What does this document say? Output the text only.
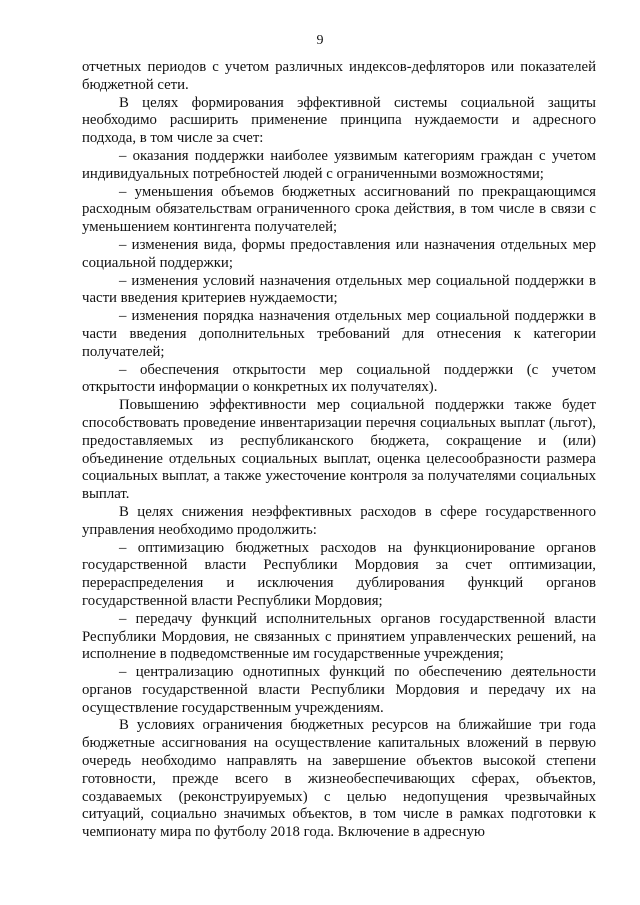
9

отчетных периодов с учетом различных индексов-дефляторов или показателей бюджетной сети.

В целях формирования эффективной системы социальной защиты необходимо расширить применение принципа нуждаемости и адресного подхода, в том числе за счет:

– оказания поддержки наиболее уязвимым категориям граждан с учетом индивидуальных потребностей людей с ограниченными возможностями;

– уменьшения объемов бюджетных ассигнований по прекращающимся расходным обязательствам ограниченного срока действия, в том числе в связи с уменьшением контингента получателей;

– изменения вида, формы предоставления или назначения отдельных мер социальной поддержки;

– изменения условий назначения отдельных мер социальной поддержки в части введения критериев нуждаемости;

– изменения порядка назначения отдельных мер социальной поддержки в части введения дополнительных требований для отнесения к категории получателей;

– обеспечения открытости мер социальной поддержки (с учетом открытости информации о конкретных их получателях).

Повышению эффективности мер социальной поддержки также будет способствовать проведение инвентаризации перечня социальных выплат (льгот), предоставляемых из республиканского бюджета, сокращение и (или) объединение отдельных социальных выплат, оценка целесообразности размера социальных выплат, а также ужесточение контроля за получателями социальных выплат.

В целях снижения неэффективных расходов в сфере государственного управления необходимо продолжить:

– оптимизацию бюджетных расходов на функционирование органов государственной власти Республики Мордовия за счет оптимизации, перераспределения и исключения дублирования функций органов государственной власти Республики Мордовия;

– передачу функций исполнительных органов государственной власти Республики Мордовия, не связанных с принятием управленческих решений, на исполнение в подведомственные им государственные учреждения;

– централизацию однотипных функций по обеспечению деятельности органов государственной власти Республики Мордовия и передачу их на осуществление государственным учреждениям.

В условиях ограничения бюджетных ресурсов на ближайшие три года бюджетные ассигнования на осуществление капитальных вложений в первую очередь необходимо направлять на завершение объектов высокой степени готовности, прежде всего в жизнеобеспечивающих сферах, объектов, создаваемых (реконструируемых) с целью недопущения чрезвычайных ситуаций, социально значимых объектов, в том числе в рамках подготовки к чемпионату мира по футболу 2018 года. Включение в адресную
